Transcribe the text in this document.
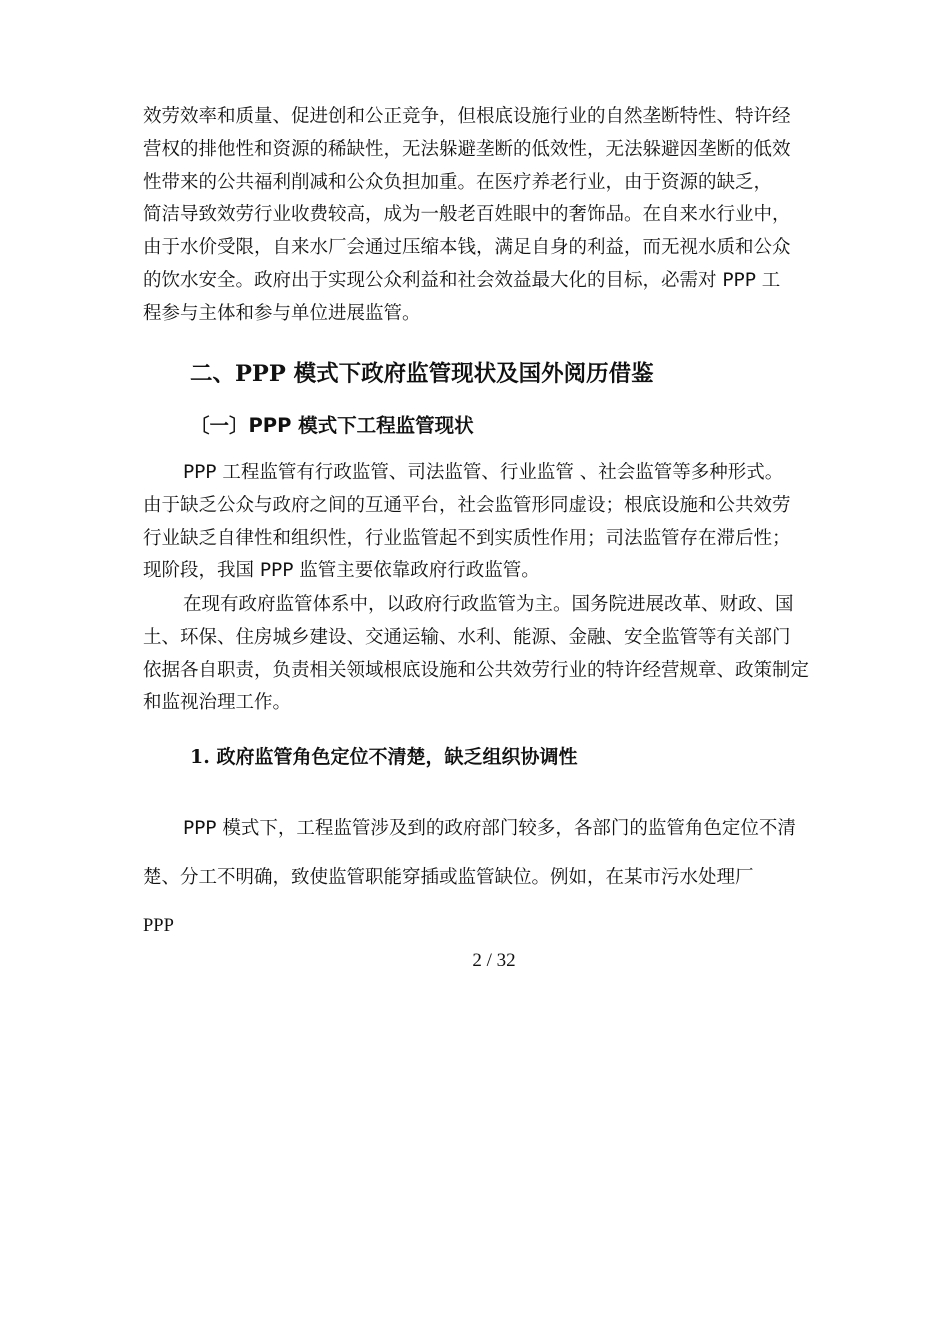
效劳效率和质量、促进创和公正竞争，但根底设施行业的自然垄断特性、特许经
营权的排他性和资源的稀缺性，无法躲避垄断的低效性，无法躲避因垄断的低效
性带来的公共福利削减和公众负担加重。在医疗养老行业，由于资源的缺乏，
简洁导致效劳行业收费较高，成为一般老百姓眼中的奢饰品。在自来水行业中，
由于水价受限，自来水厂会通过压缩本钱，满足自身的利益，而无视水质和公众
的饮水安全。政府出于实现公众利益和社会效益最大化的目标，必需对 PPP 工
程参与主体和参与单位进展监管。

二、PPP 模式下政府监管现状及国外阅历借鉴
〔一〕PPP 模式下工程监管现状

PPP 工程监管有行政监管、司法监管、行业监管 、社会监管等多种形式。
由于缺乏公众与政府之间的互通平台，社会监管形同虚设；根底设施和公共效劳
行业缺乏自律性和组织性，行业监管起不到实质性作用；司法监管存在滞后性；
现阶段，我国 PPP 监管主要依靠政府行政监管。

在现有政府监管体系中，以政府行政监管为主。国务院进展改革、财政、国
土、环保、住房城乡建设、交通运输、水利、能源、金融、安全监管等有关部门
依据各自职责，负责相关领域根底设施和公共效劳行业的特许经营规章、政策制定
和监视治理工作。

1. 政府监管角色定位不清楚，缺乏组织协调性

PPP 模式下，工程监管涉及到的政府部门较多，各部门的监管角色定位不清
楚、分工不明确，致使监管职能穿插或监管缺位。例如，在某市污水处理厂
PPP

2 / 32
